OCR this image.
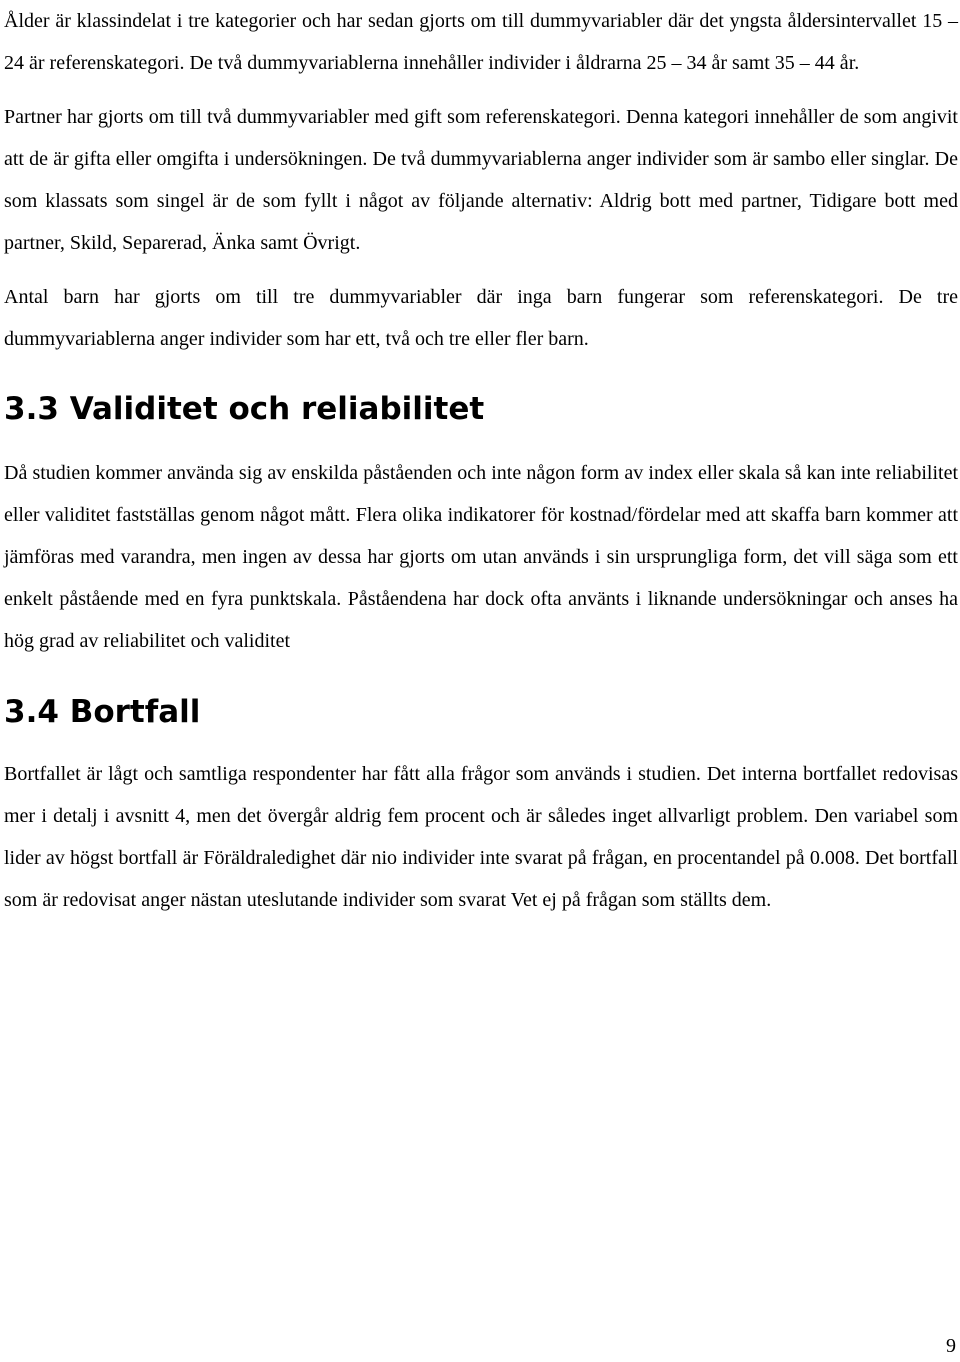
Ålder är klassindelat i tre kategorier och har sedan gjorts om till dummyvariabler där det yngsta åldersintervallet 15 – 24 är referenskategori. De två dummyvariablerna innehåller individer i åldrarna 25 – 34 år samt 35 – 44 år.

Partner har gjorts om till två dummyvariabler med gift som referenskategori. Denna kategori innehåller de som angivit att de är gifta eller omgifta i undersökningen. De två dummyvariablerna anger individer som är sambo eller singlar. De som klassats som singel är de som fyllt i något av följande alternativ: Aldrig bott med partner, Tidigare bott med partner, Skild, Separerad, Änka samt Övrigt.

Antal barn har gjorts om till tre dummyvariabler där inga barn fungerar som referenskategori. De tre dummyvariablerna anger individer som har ett, två och tre eller fler barn.

3.3 Validitet och reliabilitet

Då studien kommer använda sig av enskilda påståenden och inte någon form av index eller skala så kan inte reliabilitet eller validitet fastställas genom något mått. Flera olika indikatorer för kostnad/fördelar med att skaffa barn kommer att jämföras med varandra, men ingen av dessa har gjorts om utan används i sin ursprungliga form, det vill säga som ett enkelt påstående med en fyra punktskala. Påståendena har dock ofta använts i liknande undersökningar och anses ha hög grad av reliabilitet och validitet

3.4 Bortfall

Bortfallet är lågt och samtliga respondenter har fått alla frågor som används i studien. Det interna bortfallet redovisas mer i detalj i avsnitt 4, men det övergår aldrig fem procent och är således inget allvarligt problem. Den variabel som lider av högst bortfall är Föräldraledighet där nio individer inte svarat på frågan, en procentandel på 0.008. Det bortfall som är redovisat anger nästan uteslutande individer som svarat Vet ej på frågan som ställts dem.

9
